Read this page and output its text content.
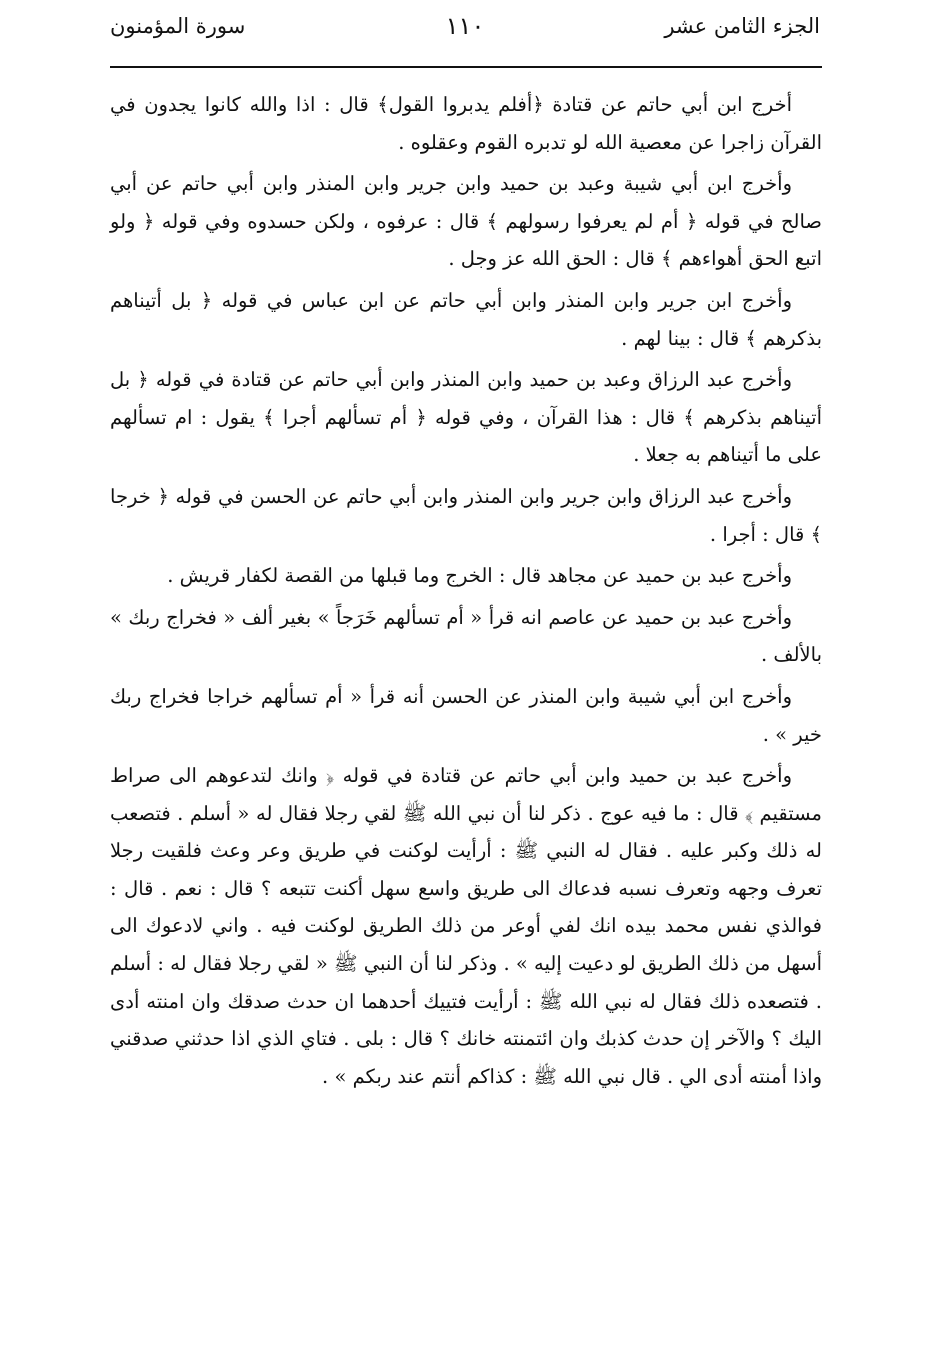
الجزء الثامن عشر
١١٠
سورة المؤمنون

أخرج ابن أبي حاتم عن قتادة ﴿أفلم يدبروا القول﴾ قال : اذا والله كانوا يجدون في القرآن زاجرا عن معصية الله لو تدبره القوم وعقلوه .

وأخرج ابن أبي شيبة وعبد بن حميد وابن جرير وابن المنذر وابن أبي حاتم عن أبي صالح في قوله ﴿ أم لم يعرفوا رسولهم ﴾ قال : عرفوه ، ولكن حسدوه وفي قوله ﴿ ولو اتبع الحق أهواءهم ﴾ قال : الحق الله عز وجل .

وأخرج ابن جرير وابن المنذر وابن أبي حاتم عن ابن عباس في قوله ﴿ بل أتيناهم بذكرهم ﴾ قال : بينا لهم .

وأخرج عبد الرزاق وعبد بن حميد وابن المنذر وابن أبي حاتم عن قتادة في قوله ﴿ بل أتيناهم بذكرهم ﴾ قال : هذا القرآن ، وفي قوله ﴿ أم تسألهم أجرا ﴾ يقول : ام تسألهم على ما أتيناهم به جعلا .

وأخرج عبد الرزاق وابن جرير وابن المنذر وابن أبي حاتم عن الحسن في قوله ﴿ خرجا ﴾ قال : أجرا .

وأخرج عبد بن حميد عن مجاهد قال : الخرج وما قبلها من القصة لكفار قريش .

وأخرج عبد بن حميد عن عاصم انه قرأ « أم تسألهم خَرَجاً » بغير ألف « فخراج ربك » بالألف .

وأخرج ابن أبي شيبة وابن المنذر عن الحسن أنه قرأ « أم تسألهم خراجا فخراج ربك خير » .

وأخرج عبد بن حميد وابن أبي حاتم عن قتادة في قوله ﴿ وانك لتدعوهم الى صراط مستقيم ﴾ قال : ما فيه عوج . ذكر لنا أن نبي الله ﷺ لقي رجلا فقال له « أسلم . فتصعب له ذلك وكبر عليه . فقال له النبي ﷺ : أرأيت لوكنت في طريق وعر وعث فلقيت رجلا تعرف وجهه وتعرف نسبه فدعاك الى طريق واسع سهل أكنت تتبعه ؟ قال : نعم . قال : فوالذي نفس محمد بيده انك لفي أوعر من ذلك الطريق لوكنت فيه . واني لادعوك الى أسهل من ذلك الطريق لو دعيت إليه » . وذكر لنا أن النبي ﷺ « لقي رجلا فقال له : أسلم . فتصعده ذلك فقال له نبي الله ﷺ : أرأيت فتييك أحدهما ان حدث صدقك وان امنته أدى اليك ؟ والآخر إن حدث كذبك وان ائتمنته خانك ؟ قال : بلى . فتاي الذي اذا حدثني صدقني واذا أمنته أدى الي . قال نبي الله ﷺ : كذاكم أنتم عند ربكم » .
